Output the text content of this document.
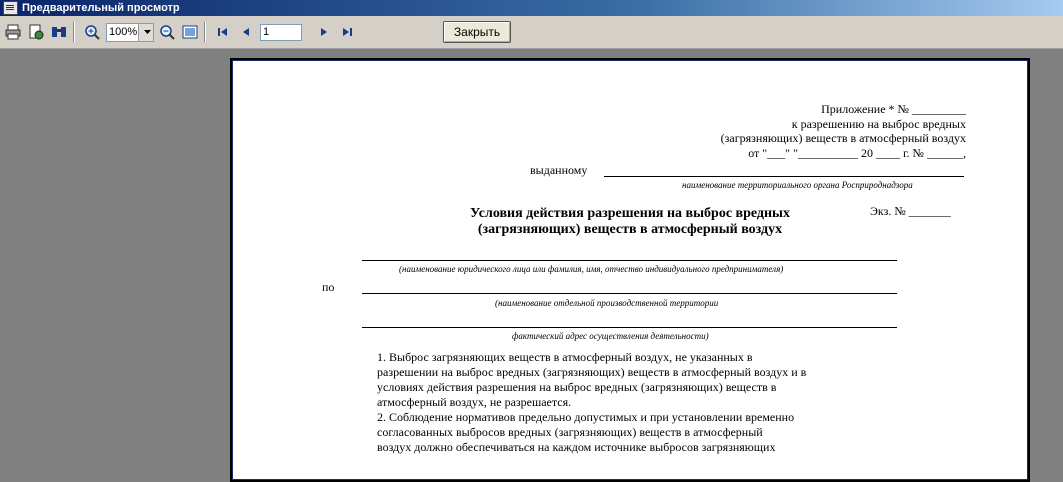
Предварительный просмотр
100%
1	Закрыть
Приложение * № _________
к разрешению на выброс вредных
(загрязняющих) веществ в атмосферный воздух
от "___" "__________ 20 ____ г. № ______,
выданному
наименование территориального органа Росприроднадзора
Условия действия разрешения на выброс вредных
(загрязняющих) веществ в атмосферный воздух
Экз. № _______
(наименование юридического лица или фамилия, имя, отчество индивидуального предпринимателя)
по
(наименование отдельной производственной территории
фактический адрес осуществления деятельности)
1. Выброс загрязняющих веществ в атмосферный воздух, не указанных в
разрешении на выброс вредных (загрязняющих) веществ в атмосферный воздух и в
условиях действия разрешения на выброс вредных (загрязняющих) веществ в
атмосферный воздух, не разрешается.
2. Соблюдение нормативов предельно допустимых и при установлении временно
согласованных выбросов вредных (загрязняющих) веществ в атмосферный
воздух должно обеспечиваться на каждом источнике выбросов загрязняющих
